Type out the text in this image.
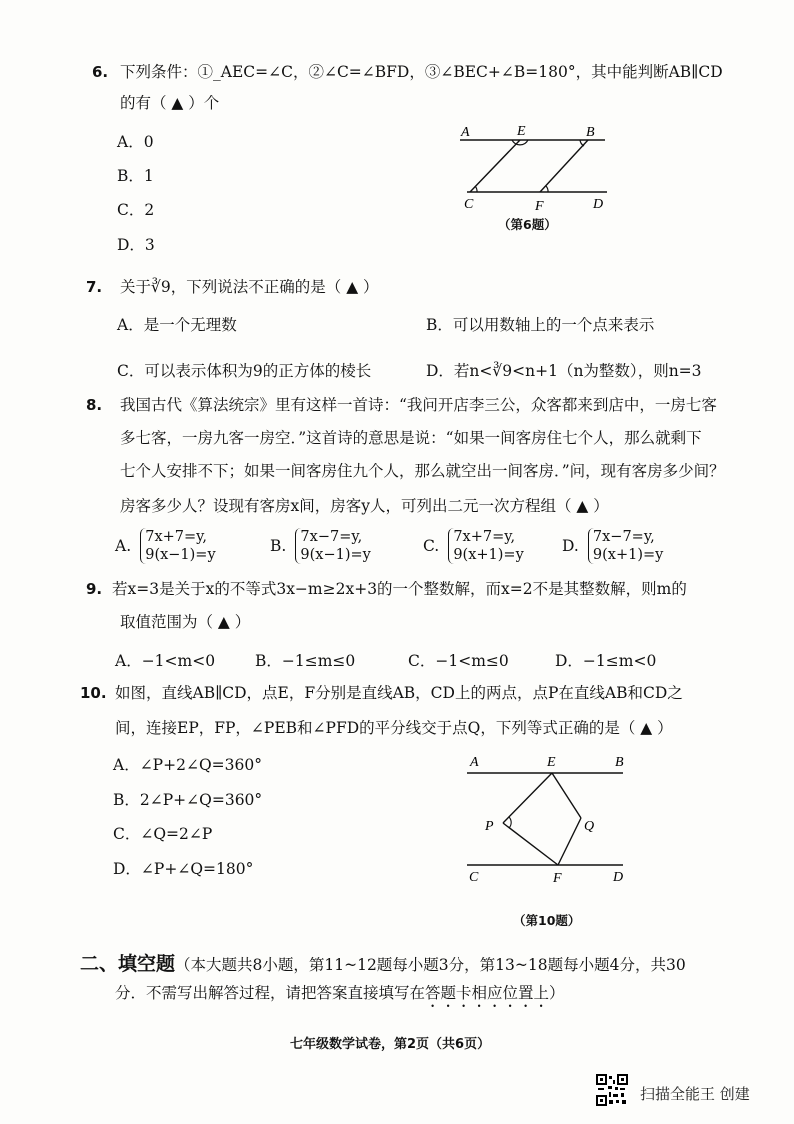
6. 下列条件：①_AEC=∠C，②∠C=∠BFD，③∠BEC+∠B=180°，其中能判断AB∥CD
的有（ ▲ ）个
A．0
B．1
C．2
D．3
A	E	B
C	F	D
（第6题）
7. 关于∛9，下列说法不正确的是（ ▲ ）
A．是一个无理数	B．可以用数轴上的一个点来表示
C．可以表示体积为9的正方体的棱长	D．若n<∛9<n+1（n为整数），则n=3
8. 我国古代《算法统宗》里有这样一首诗：“我问开店李三公，众客都来到店中，一房七客
多七客，一房九客一房空．”这首诗的意思是说：“如果一间客房住七个人，那么就剩下
七个人安排不下；如果一间客房住九个人，那么就空出一间客房．”问，现有客房多少间？
房客多少人？设现有客房x间，房客y人，可列出二元一次方程组（ ▲ ）
A. 7x+7=y,
9(x−1)=y	B. 7x−7=y,
9(x−1)=y	C. 7x+7=y,
9(x+1)=y D. 7x−7=y,
9(x+1)=y
9. 若x=3是关于x的不等式3x−m≥2x+3的一个整数解，而x=2不是其整数解，则m的
取值范围为（ ▲ ）
A．−1<m<0	B．−1≤m≤0	C．−1<m≤0	D．−1≤m<0
10. 如图，直线AB∥CD，点E，F分别是直线AB，CD上的两点，点P在直线AB和CD之
间，连接EP，FP，∠PEB和∠PFD的平分线交于点Q，下列等式正确的是（ ▲ ）
A．∠P+2∠Q=360°
B．2∠P+∠Q=360°
C．∠Q=2∠P
D．∠P+∠Q=180°
A	E	B
P	Q
C	F	D
（第10题）
二、填空题（本大题共8小题，第11~12题每小题3分，第13~18题每小题4分，共30
分．不需写出解答过程，请把答案直接填写在答题卡相应位置上）
七年级数学试卷，第2页（共6页）
扫描全能王 创建
